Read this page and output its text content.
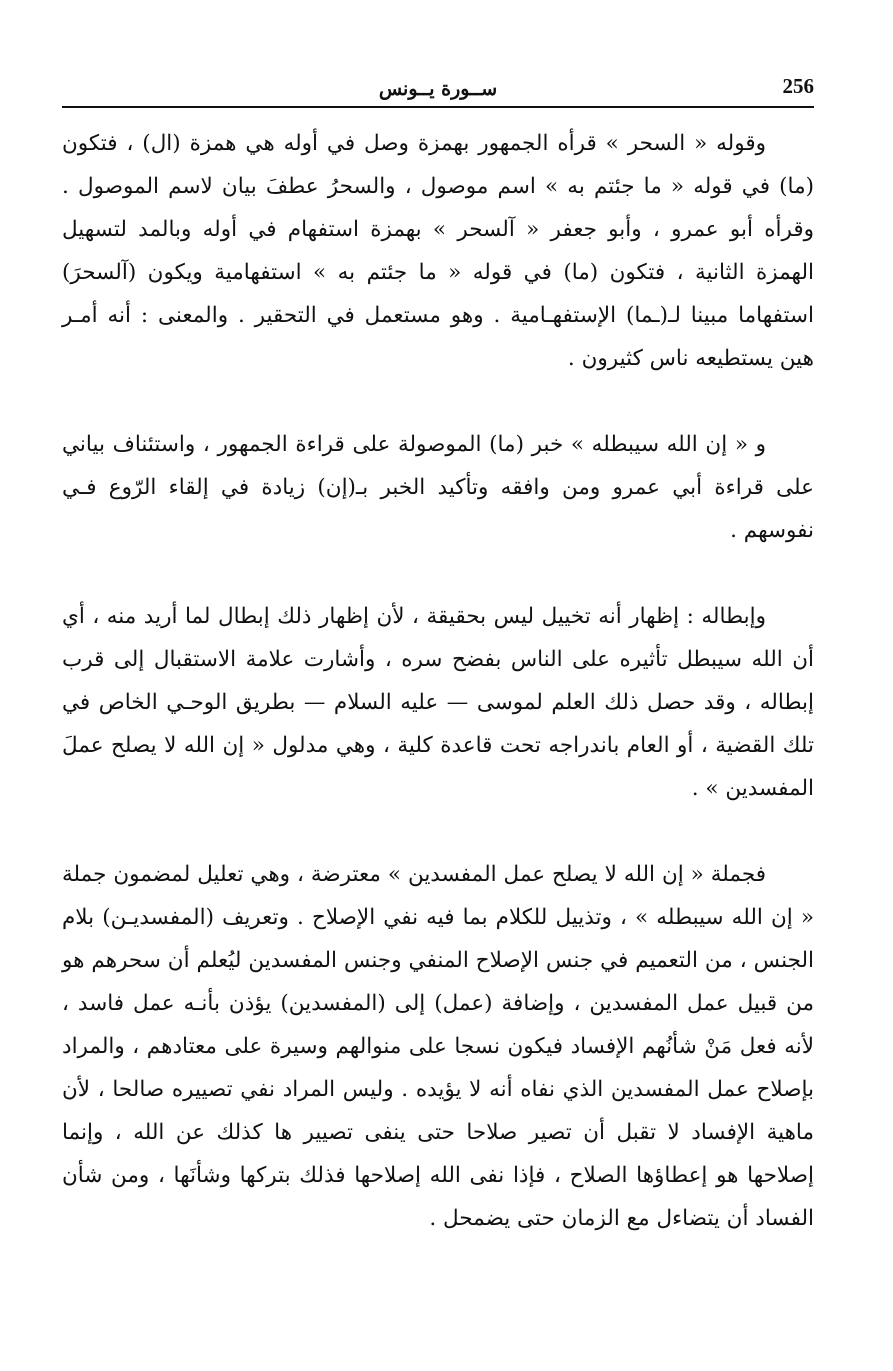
256
ســورة يــونس

وقوله « السحر » قرأه الجمهور بهمزة وصل في أوله هي همزة (ال) ، فتكون (ما) في قوله « ما جئتم به » اسم موصول ، والسحرُ عطفَ بيان لاسم الموصول . وقرأه أبو عمرو ، وأبو جعفر « آلسحر » بهمزة استفهام في أوله وبالمد لتسهيل الهمزة الثانية ، فتكون (ما) في قوله « ما جئتم به » استفهامية ويكون (آلسحرَ) استفهاما مبينا لـ(ـما) الإستفهـامية . وهو مستعمل في التحقير . والمعنى : أنه أمـر هين يستطيعه ناس كثيرون .

و « إن الله سيبطله » خبر (ما) الموصولة على قراءة الجمهور ، واستئناف بياني على قراءة أبي عمرو ومن وافقه وتأكيد الخبر بـ(إن) زيادة في إلقاء الرّوع فـي نفوسهم .

وإبطاله : إظهار أنه تخييل ليس بحقيقة ، لأن إظهار ذلك إبطال لما أريد منه ، أي أن الله سيبطل تأثيره على الناس بفضح سره ، وأشارت علامة الاستقبال إلى قرب إبطاله ، وقد حصل ذلك العلم لموسى — عليه السلام — بطريق الوحـي الخاص في تلك القضية ، أو العام باندراجه تحت قاعدة كلية ، وهي مدلول « إن الله لا يصلح عملَ المفسدين » .

فجملة « إن الله لا يصلح عمل المفسدين » معترضة ، وهي تعليل لمضمون جملة « إن الله سيبطله » ، وتذييل للكلام بما فيه نفي الإصلاح . وتعريف (المفسديـن) بلام الجنس ، من التعميم في جنس الإصلاح المنفي وجنس المفسدين ليُعلم أن سحرهم هو من قبيل عمل المفسدين ، وإضافة (عمل) إلى (المفسدين) يؤذن بأنـه عمل فاسد ، لأنه فعل مَنْ شأنُهم الإفساد فيكون نسجا على منوالهم وسيرة على معتادهم ، والمراد بإصلاح عمل المفسدين الذي نفاه أنه لا يؤيده . وليس المراد نفي تصييره صالحا ، لأن ماهية الإفساد لا تقبل أن تصير صلاحا حتى ينفى تصيير ها كذلك عن الله ، وإنما إصلاحها هو إعطاؤها الصلاح ، فإذا نفى الله إصلاحها فذلك بتركها وشأنَها ، ومن شأن الفساد أن يتضاءل مع الزمان حتى يضمحل .
